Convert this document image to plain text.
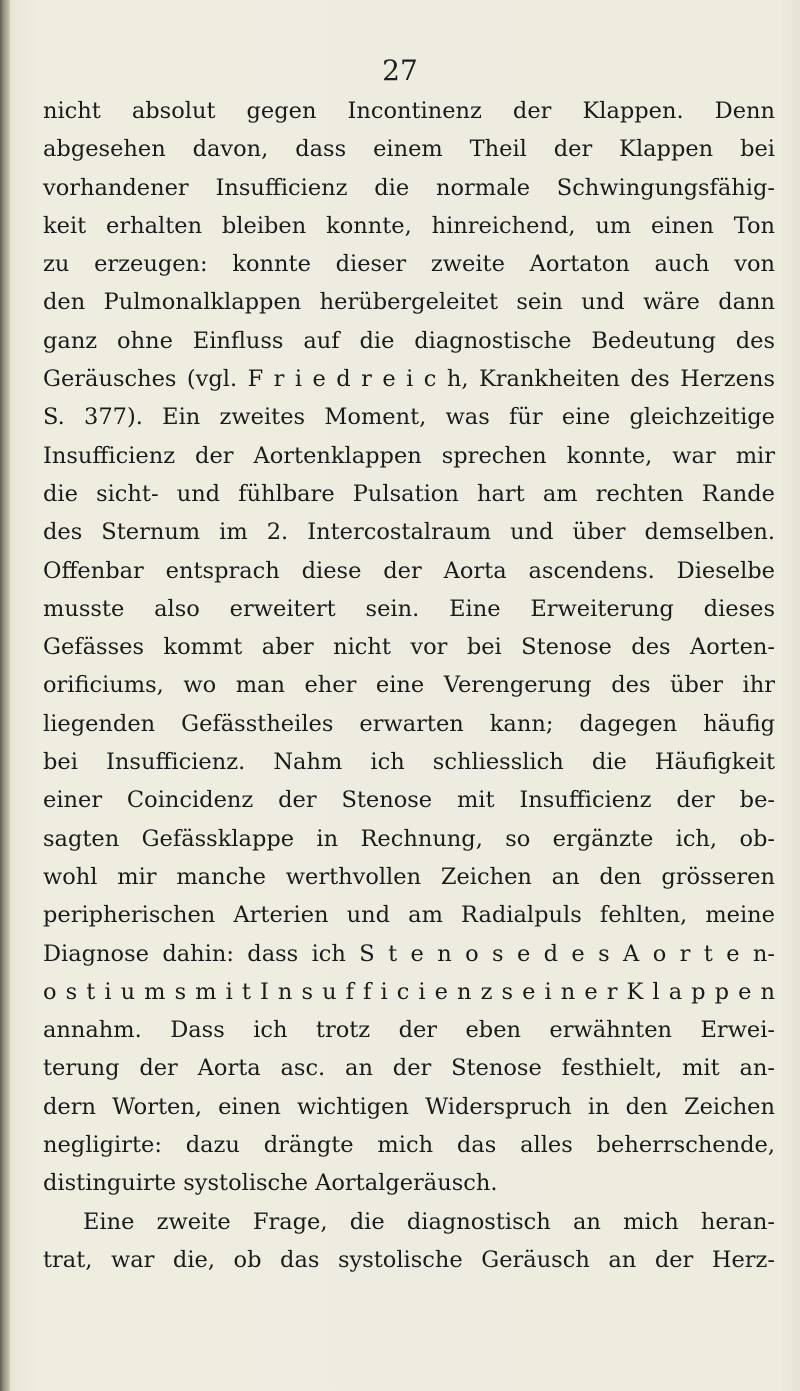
27

nicht absolut gegen Incontinenz der Klappen. Denn
abgesehen davon, dass einem Theil der Klappen bei
vorhandener Insufficienz die normale Schwingungsfähig-
keit erhalten bleiben konnte, hinreichend, um einen Ton
zu erzeugen: konnte dieser zweite Aortaton auch von
den Pulmonalklappen herübergeleitet sein und wäre dann
ganz ohne Einfluss auf die diagnostische Bedeutung des
Geräusches (vgl. F r i e d r e i c h, Krankheiten des Herzens
S. 377). Ein zweites Moment, was für eine gleichzeitige
Insufficienz der Aortenklappen sprechen konnte, war mir
die sicht- und fühlbare Pulsation hart am rechten Rande
des Sternum im 2. Intercostalraum und über demselben.
Offenbar entsprach diese der Aorta ascendens. Dieselbe
musste also erweitert sein. Eine Erweiterung dieses
Gefässes kommt aber nicht vor bei Stenose des Aorten-
orificiums, wo man eher eine Verengerung des über ihr
liegenden Gefässtheiles erwarten kann; dagegen häufig
bei Insufficienz. Nahm ich schliesslich die Häufigkeit
einer Coincidenz der Stenose mit Insufficienz der be-
sagten Gefässklappe in Rechnung, so ergänzte ich, ob-
wohl mir manche werthvollen Zeichen an den grösseren
peripherischen Arterien und am Radialpuls fehlten, meine
Diagnose dahin: dass ich S t e n o s e d e s A o r t e n-
o s t i u m s m i t I n s u f f i c i e n z s e i n e r K l a p p e n
annahm. Dass ich trotz der eben erwähnten Erwei-
terung der Aorta asc. an der Stenose festhielt, mit an-
dern Worten, einen wichtigen Widerspruch in den Zeichen
negligirte: dazu drängte mich das alles beherrschende,
distinguirte systolische Aortalgeräusch.
Eine zweite Frage, die diagnostisch an mich heran-
trat, war die, ob das systolische Geräusch an der Herz-
